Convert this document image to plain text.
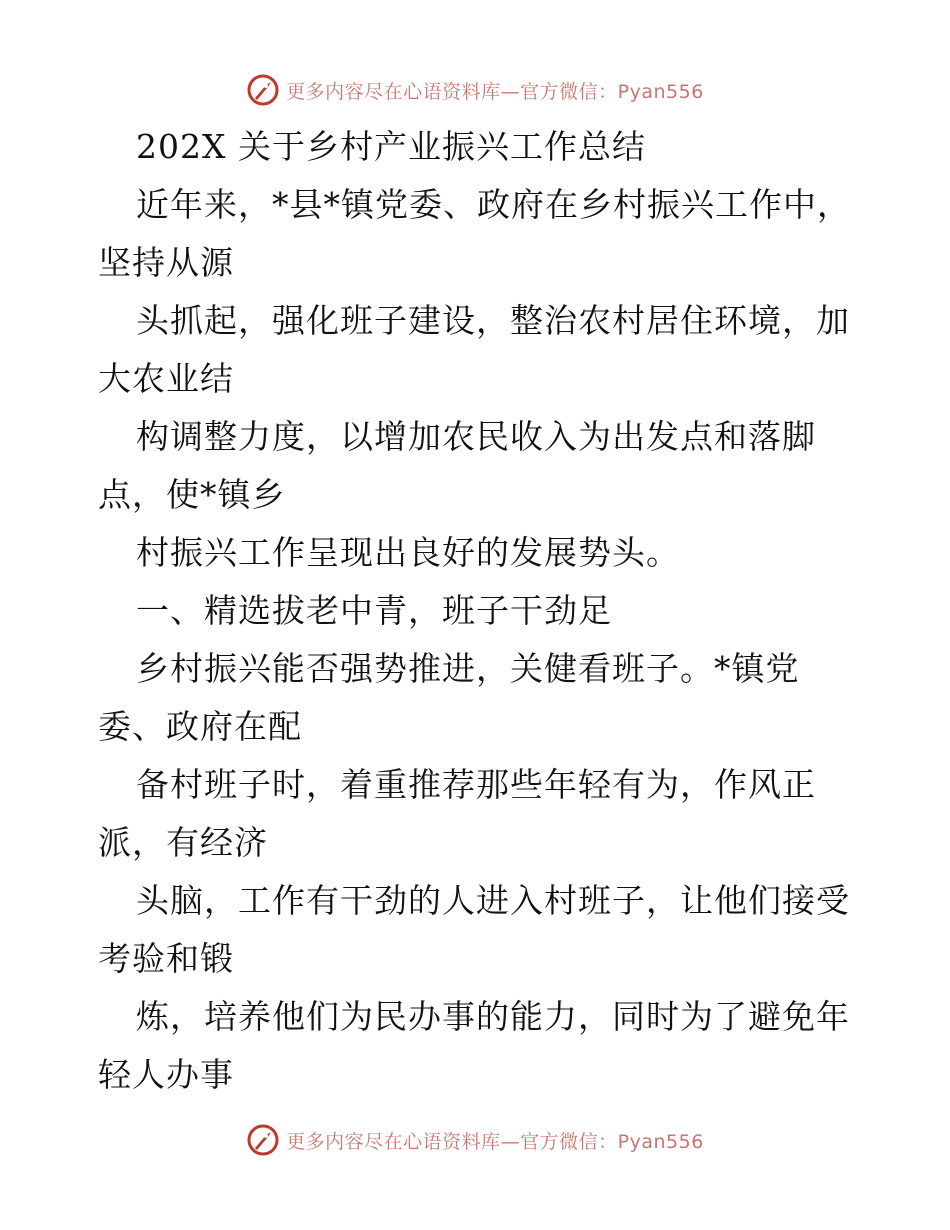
更多内容尽在心语资料库—官方微信：Pyan556
202X 关于乡村产业振兴工作总结
近年来，*县*镇党委、政府在乡村振兴工作中，
坚持从源
头抓起，强化班子建设，整治农村居住环境，加
大农业结
构调整力度，以增加农民收入为出发点和落脚
点，使*镇乡
村振兴工作呈现出良好的发展势头。
一、精选拔老中青，班子干劲足
乡村振兴能否强势推进，关健看班子。*镇党
委、政府在配
备村班子时，着重推荐那些年轻有为，作风正
派，有经济
头脑，工作有干劲的人进入村班子，让他们接受
考验和锻
炼，培养他们为民办事的能力，同时为了避免年
轻人办事
更多内容尽在心语资料库—官方微信：Pyan556
